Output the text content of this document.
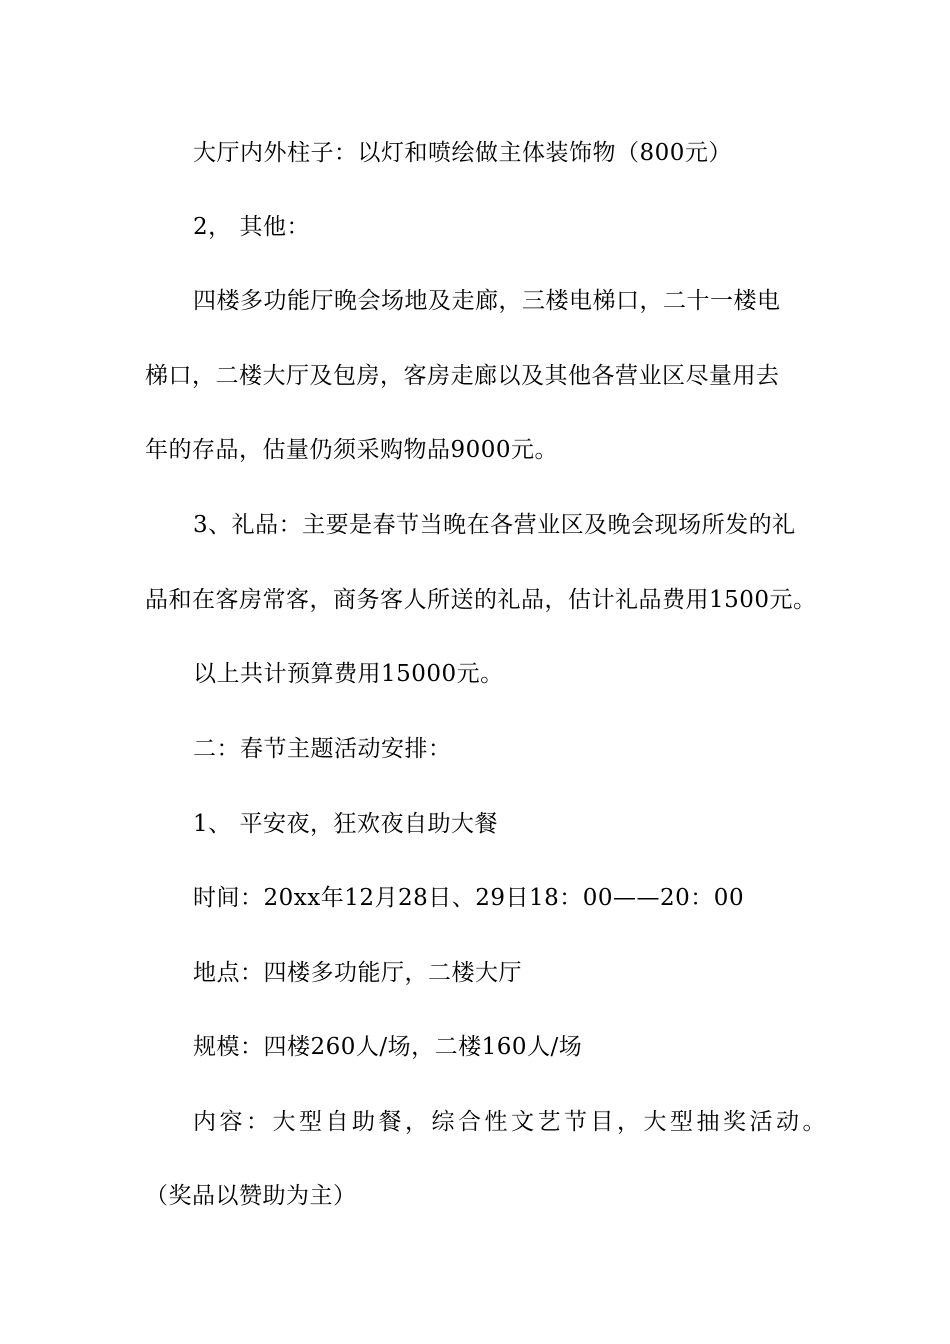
大厅内外柱子：以灯和喷绘做主体装饰物（800元）
2， 其他：
四楼多功能厅晚会场地及走廊，三楼电梯口，二十一楼电
梯口，二楼大厅及包房，客房走廊以及其他各营业区尽量用去
年的存品，估量仍须采购物品9000元。
3、礼品：主要是春节当晚在各营业区及晚会现场所发的礼
品和在客房常客，商务客人所送的礼品，估计礼品费用1500元。
以上共计预算费用15000元。
二：春节主题活动安排：
1、 平安夜，狂欢夜自助大餐
时间：20xx年12月28日、29日18：00——20：00
地点：四楼多功能厅，二楼大厅
规模：四楼260人/场，二楼160人/场
内容：大型自助餐，综合性文艺节目，大型抽奖活动。
（奖品以赞助为主）
